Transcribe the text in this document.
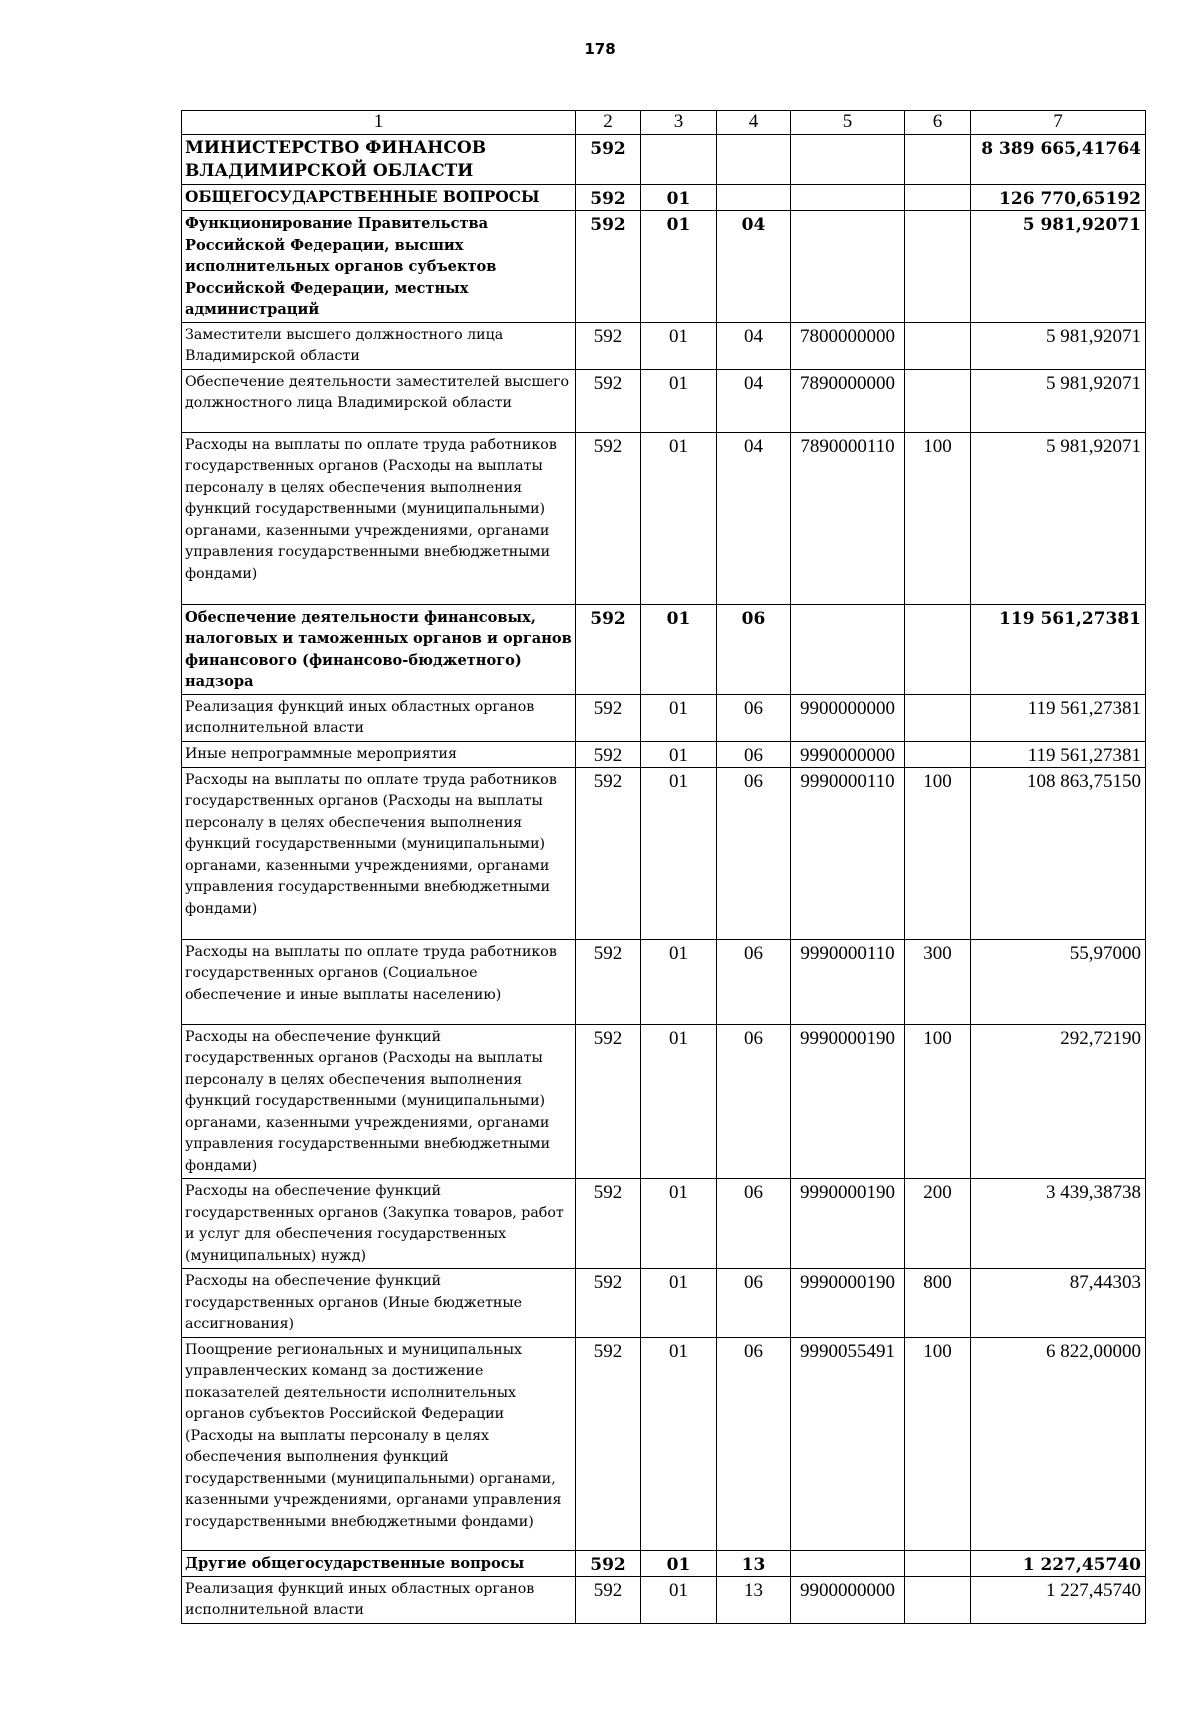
178
1	2	3	4	5	6	7
МИНИСТЕРСТВО ФИНАНСОВ ВЛАДИМИРСКОЙ ОБЛАСТИ	592					8 389 665,41764
ОБЩЕГОСУДАРСТВЕННЫЕ ВОПРОСЫ	592	01				126 770,65192
Функционирование Правительства Российской Федерации, высших исполнительных органов субъектов Российской Федерации, местных администраций	592	01	04			5 981,92071
Заместители высшего должностного лица Владимирской области	592	01	04	7800000000		5 981,92071
Обеспечение деятельности заместителей высшего должностного лица Владимирской области	592	01	04	7890000000		5 981,92071
Расходы на выплаты по оплате труда работников государственных органов (Расходы на выплаты персоналу в целях обеспечения выполнения функций государственными (муниципальными) органами, казенными учреждениями, органами управления государственными внебюджетными фондами)	592	01	04	7890000110	100	5 981,92071
Обеспечение деятельности финансовых, налоговых и таможенных органов и органов финансового (финансово-бюджетного) надзора	592	01	06			119 561,27381
Реализация функций иных областных органов исполнительной власти	592	01	06	9900000000		119 561,27381
Иные непрограммные мероприятия	592	01	06	9990000000		119 561,27381
Расходы на выплаты по оплате труда работников государственных органов (Расходы на выплаты персоналу в целях обеспечения выполнения функций государственными (муниципальными) органами, казенными учреждениями, органами управления государственными внебюджетными фондами)	592	01	06	9990000110	100	108 863,75150
Расходы на выплаты по оплате труда работников государственных органов (Социальное обеспечение и иные выплаты населению)	592	01	06	9990000110	300	55,97000
Расходы на обеспечение функций государственных органов (Расходы на выплаты персоналу в целях обеспечения выполнения функций государственными (муниципальными) органами, казенными учреждениями, органами управления государственными внебюджетными фондами)	592	01	06	9990000190	100	292,72190
Расходы на обеспечение функций государственных органов (Закупка товаров, работ и услуг для обеспечения государственных (муниципальных) нужд)	592	01	06	9990000190	200	3 439,38738
Расходы на обеспечение функций государственных органов (Иные бюджетные ассигнования)	592	01	06	9990000190	800	87,44303
Поощрение региональных и муниципальных управленческих команд за достижение показателей деятельности исполнительных органов субъектов Российской Федерации (Расходы на выплаты персоналу в целях обеспечения выполнения функций государственными (муниципальными) органами, казенными учреждениями, органами управления государственными внебюджетными фондами)	592	01	06	9990055491	100	6 822,00000
Другие общегосударственные вопросы	592	01	13			1 227,45740
Реализация функций иных областных органов исполнительной власти	592	01	13	9900000000		1 227,45740
